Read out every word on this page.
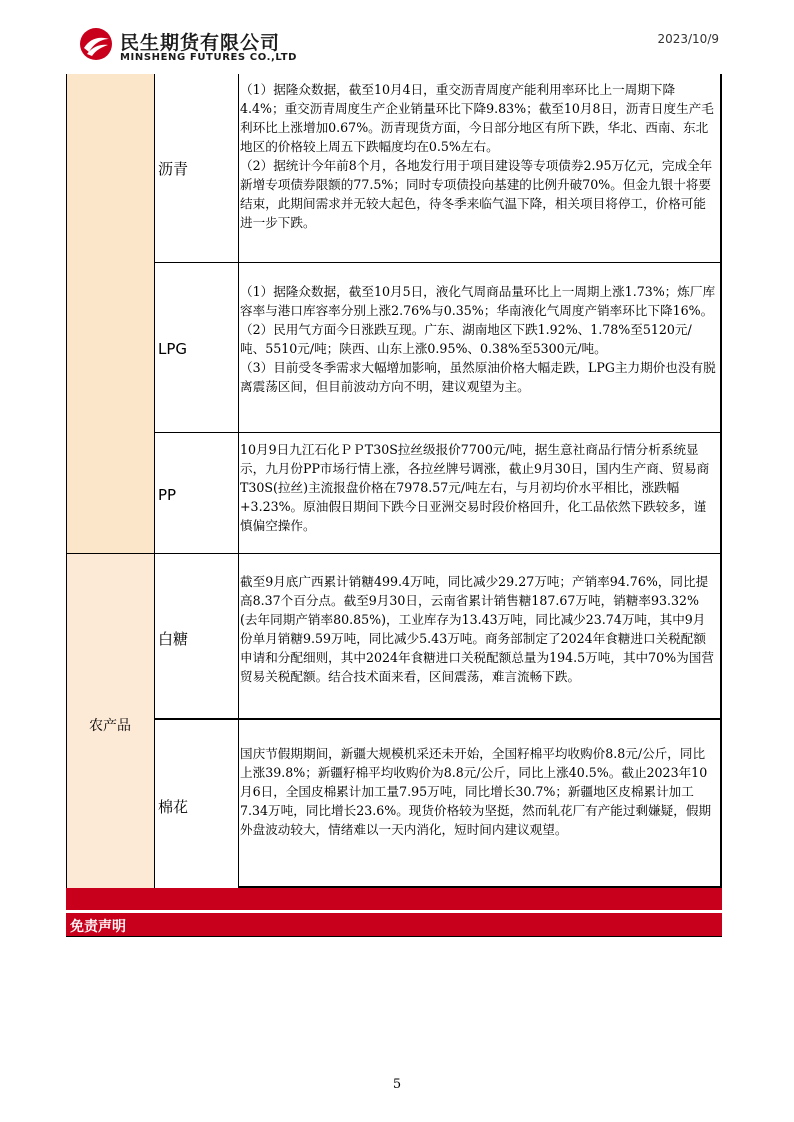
民生期货有限公司
MINSHENG FUTURES CO.,LTD
2023/10/9
农产品
沥青

（1）据隆众数据，截至10月4日，重交沥青周度产能利用率环比上一周期下降4.4%；重交沥青周度生产企业销量环比下降9.83%；截至10月8日，沥青日度生产毛利环比上涨增加0.67%。沥青现货方面，今日部分地区有所下跌，华北、西南、东北地区的价格较上周五下跌幅度均在0.5%左右。

（2）据统计今年前8个月，各地发行用于项目建设等专项债券2.95万亿元，完成全年新增专项债券限额的77.5%；同时专项债投向基建的比例升破70%。但金九银十将要结束，此期间需求并无较大起色，待冬季来临气温下降，相关项目将停工，价格可能进一步下跌。

LPG

（1）据隆众数据，截至10月5日，液化气周商品量环比上一周期上涨1.73%；炼厂库容率与港口库容率分别上涨2.76%与0.35%；华南液化气周度产销率环比下降16%。

（2）民用气方面今日涨跌互现。广东、湖南地区下跌1.92%、1.78%至5120元/吨、5510元/吨；陕西、山东上涨0.95%、0.38%至5300元/吨。

（3）目前受冬季需求大幅增加影响，虽然原油价格大幅走跌，LPG主力期价也没有脱离震荡区间，但目前波动方向不明，建议观望为主。

PP

10月9日九江石化ＰＰT30S拉丝级报价7700元/吨，据生意社商品行情分析系统显示，九月份PP市场行情上涨，各拉丝牌号调涨，截止9月30日，国内生产商、贸易商T30S(拉丝)主流报盘价格在7978.57元/吨左右，与月初均价水平相比，涨跌幅+3.23%。原油假日期间下跌今日亚洲交易时段价格回升，化工品依然下跌较多，谨慎偏空操作。

白糖

截至9月底广西累计销糖499.4万吨，同比减少29.27万吨；产销率94.76%，同比提高8.37个百分点。截至9月30日，云南省累计销售糖187.67万吨，销糖率93.32%(去年同期产销率80.85%)，工业库存为13.43万吨，同比减少23.74万吨，其中9月份单月销糖9.59万吨，同比减少5.43万吨。商务部制定了2024年食糖进口关税配额申请和分配细则，其中2024年食糖进口关税配额总量为194.5万吨，其中70%为国营贸易关税配额。结合技术面来看，区间震荡，难言流畅下跌。

棉花

国庆节假期期间，新疆大规模机采还未开始，全国籽棉平均收购价8.8元/公斤，同比上涨39.8%；新疆籽棉平均收购价为8.8元/公斤，同比上涨40.5%。截止2023年10月6日，全国皮棉累计加工量7.95万吨，同比增长30.7%；新疆地区皮棉累计加工7.34万吨，同比增长23.6%。现货价格较为坚挺，然而轧花厂有产能过剩嫌疑，假期外盘波动较大，情绪难以一天内消化，短时间内建议观望。

免责声明
5
